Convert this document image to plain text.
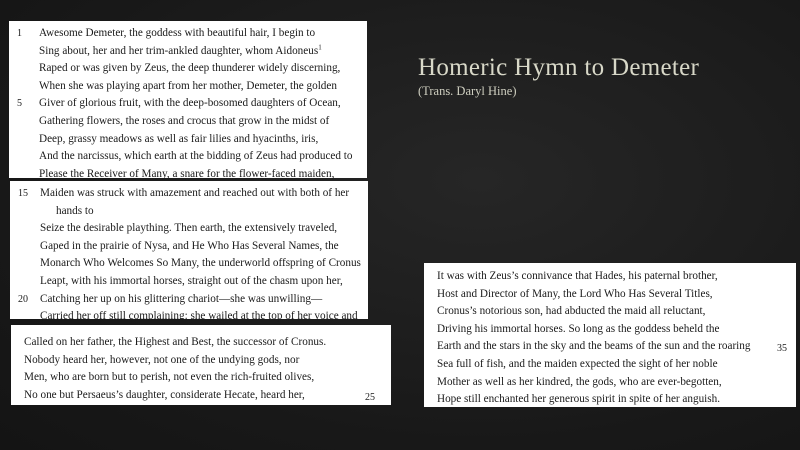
1 Awesome Demeter, the goddess with beautiful hair, I begin to
Sing about, her and her trim-ankled daughter, whom Aidoneus$^1$
Raped or was given by Zeus, the deep thunderer widely discerning,
When she was playing apart from her mother, Demeter, the golden
5 Giver of glorious fruit, with the deep-bosomed daughters of Ocean,
Gathering flowers, the roses and crocus that grow in the midst of
Deep, grassy meadows as well as fair lilies and hyacinths, iris,
And the narcissus, which earth at the bidding of Zeus had produced to
Please the Receiver of Many, a snare for the flower-faced maiden,
15 Maiden was struck with amazement and reached out with both of her
hands to
Seize the desirable plaything. Then earth, the extensively traveled,
Gaped in the prairie of Nysa, and He Who Has Several Names, the
Monarch Who Welcomes So Many, the underworld offspring of Cronus
Leapt, with his immortal horses, straight out of the chasm upon her,
20 Catching her up on his glittering chariot—she was unwilling—
Carried her off still complaining: she wailed at the top of her voice and
Called on her father, the Highest and Best, the successor of Cronus.
Nobody heard her, however, not one of the undying gods, nor
Men, who are born but to perish, not even the rich-fruited olives,
No one but Persaeus’s daughter, considerate Hecate, heard her,	25
It was with Zeus’s connivance that Hades, his paternal brother,
Host and Director of Many, the Lord Who Has Several Titles,
Cronus’s notorious son, had abducted the maid all reluctant,
Driving his immortal horses. So long as the goddess beheld the
Earth and the stars in the sky and the beams of the sun and the roaring	35
Sea full of fish, and the maiden expected the sight of her noble
Mother as well as her kindred, the gods, who are ever-begotten,
Hope still enchanted her generous spirit in spite of her anguish.
Homeric Hymn to Demeter

(Trans. Daryl Hine)
